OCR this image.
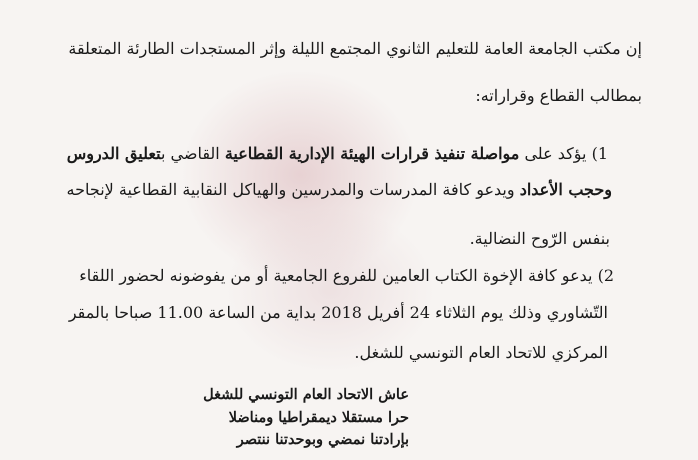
إن مكتب الجامعة العامة للتعليم الثانوي المجتمع الليلة وإثر المستجدات الطارئة المتعلقة
بمطالب القطاع وقراراته:
1) يؤكد على مواصلة تنفيذ قرارات الهيئة الإدارية القطاعية القاضي بتعليق الدروس
وحجب الأعداد ويدعو كافة المدرسات والمدرسين والهياكل النقابية القطاعية لإنجاحه
بنفس الرّوح النضالية.
2) يدعو كافة الإخوة الكتاب العامين للفروع الجامعية أو من يفوضونه لحضور اللقاء
التّشاوري وذلك يوم الثلاثاء 24 أفريل 2018 بداية من الساعة 11.00 صباحا بالمقر
المركزي للاتحاد العام التونسي للشغل.
عاش الاتحاد العام التونسي للشغل
حرا مستقلا ديمقراطيا ومناضلا
بإرادتنا نمضي وبوحدتنا ننتصر
